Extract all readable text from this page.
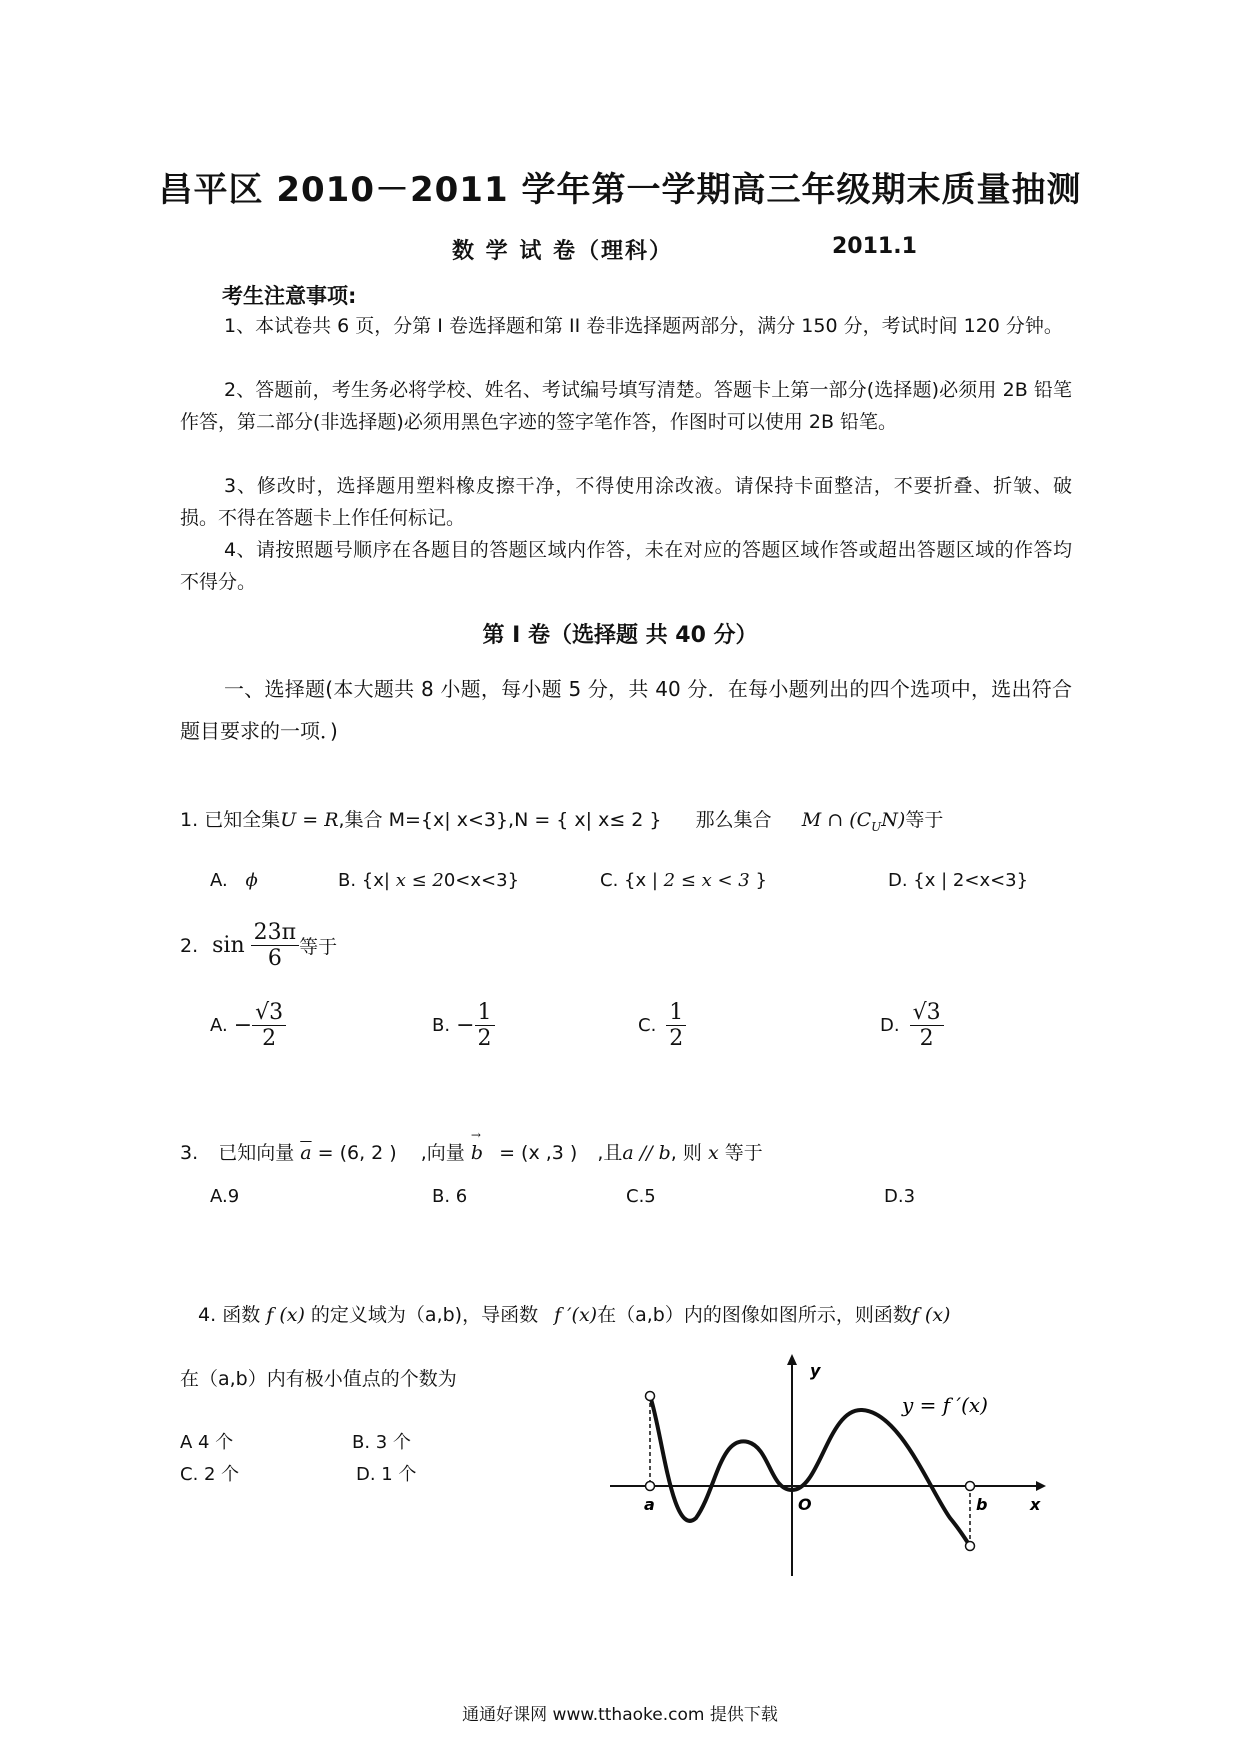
昌平区 2010－2011 学年第一学期高三年级期末质量抽测
数 学 试 卷（理科）	2011.1
考生注意事项:
1、本试卷共 6 页，分第 I 卷选择题和第 II 卷非选择题两部分，满分 150 分，考试时间 120 分钟。
2、答题前，考生务必将学校、姓名、考试编号填写清楚。答题卡上第一部分(选择题)必须用 2B 铅笔作答，第二部分(非选择题)必须用黑色字迹的签字笔作答，作图时可以使用 2B 铅笔。
3、修改时，选择题用塑料橡皮擦干净，不得使用涂改液。请保持卡面整洁，不要折叠、折皱、破损。不得在答题卡上作任何标记。
4、请按照题号顺序在各题目的答题区域内作答，未在对应的答题区域作答或超出答题区域的作答均不得分。
第 I 卷（选择题 共 40 分）
一、选择题(本大题共 8 小题，每小题 5 分，共 40 分．在每小题列出的四个选项中，选出符合题目要求的一项．)
1. 已知全集U = R,集合 M={x| x<3},N = { x| x≤ 2 } 那么集合 M ∩ $(C_UN)$等于
A. ϕ	B. {x| x ≤ 20<x<3}	C. {x | 2 ≤ x < 3 }	D. {x | 2<x<3}
2. $\sin \frac{23\pi}{6}$ 等于
A. − $\frac{√3}{2}$	B. − $\frac{1}{2}$	C. $\frac{1}{2}$	D. $\frac{√3}{2}$
3. 已知向量 $\overline{a} = (6$, 2 ) ,向量
→
b = (x ,3 ) ,且a // b, 则 x 等于
A.9	B. 6	C.5	D.3
4. 函数 f (x) 的定义域为（a,b)，导函数 f ′(x)在（a,b）内的图像如图所示，则函数f (x)
在（a,b）内有极小值点的个数为
A 4 个	B. 3 个
C. 2 个	D. 1 个
y
x
a	b
O
y = f ′(x)
通通好课网 www.tthaoke.com 提供下载
